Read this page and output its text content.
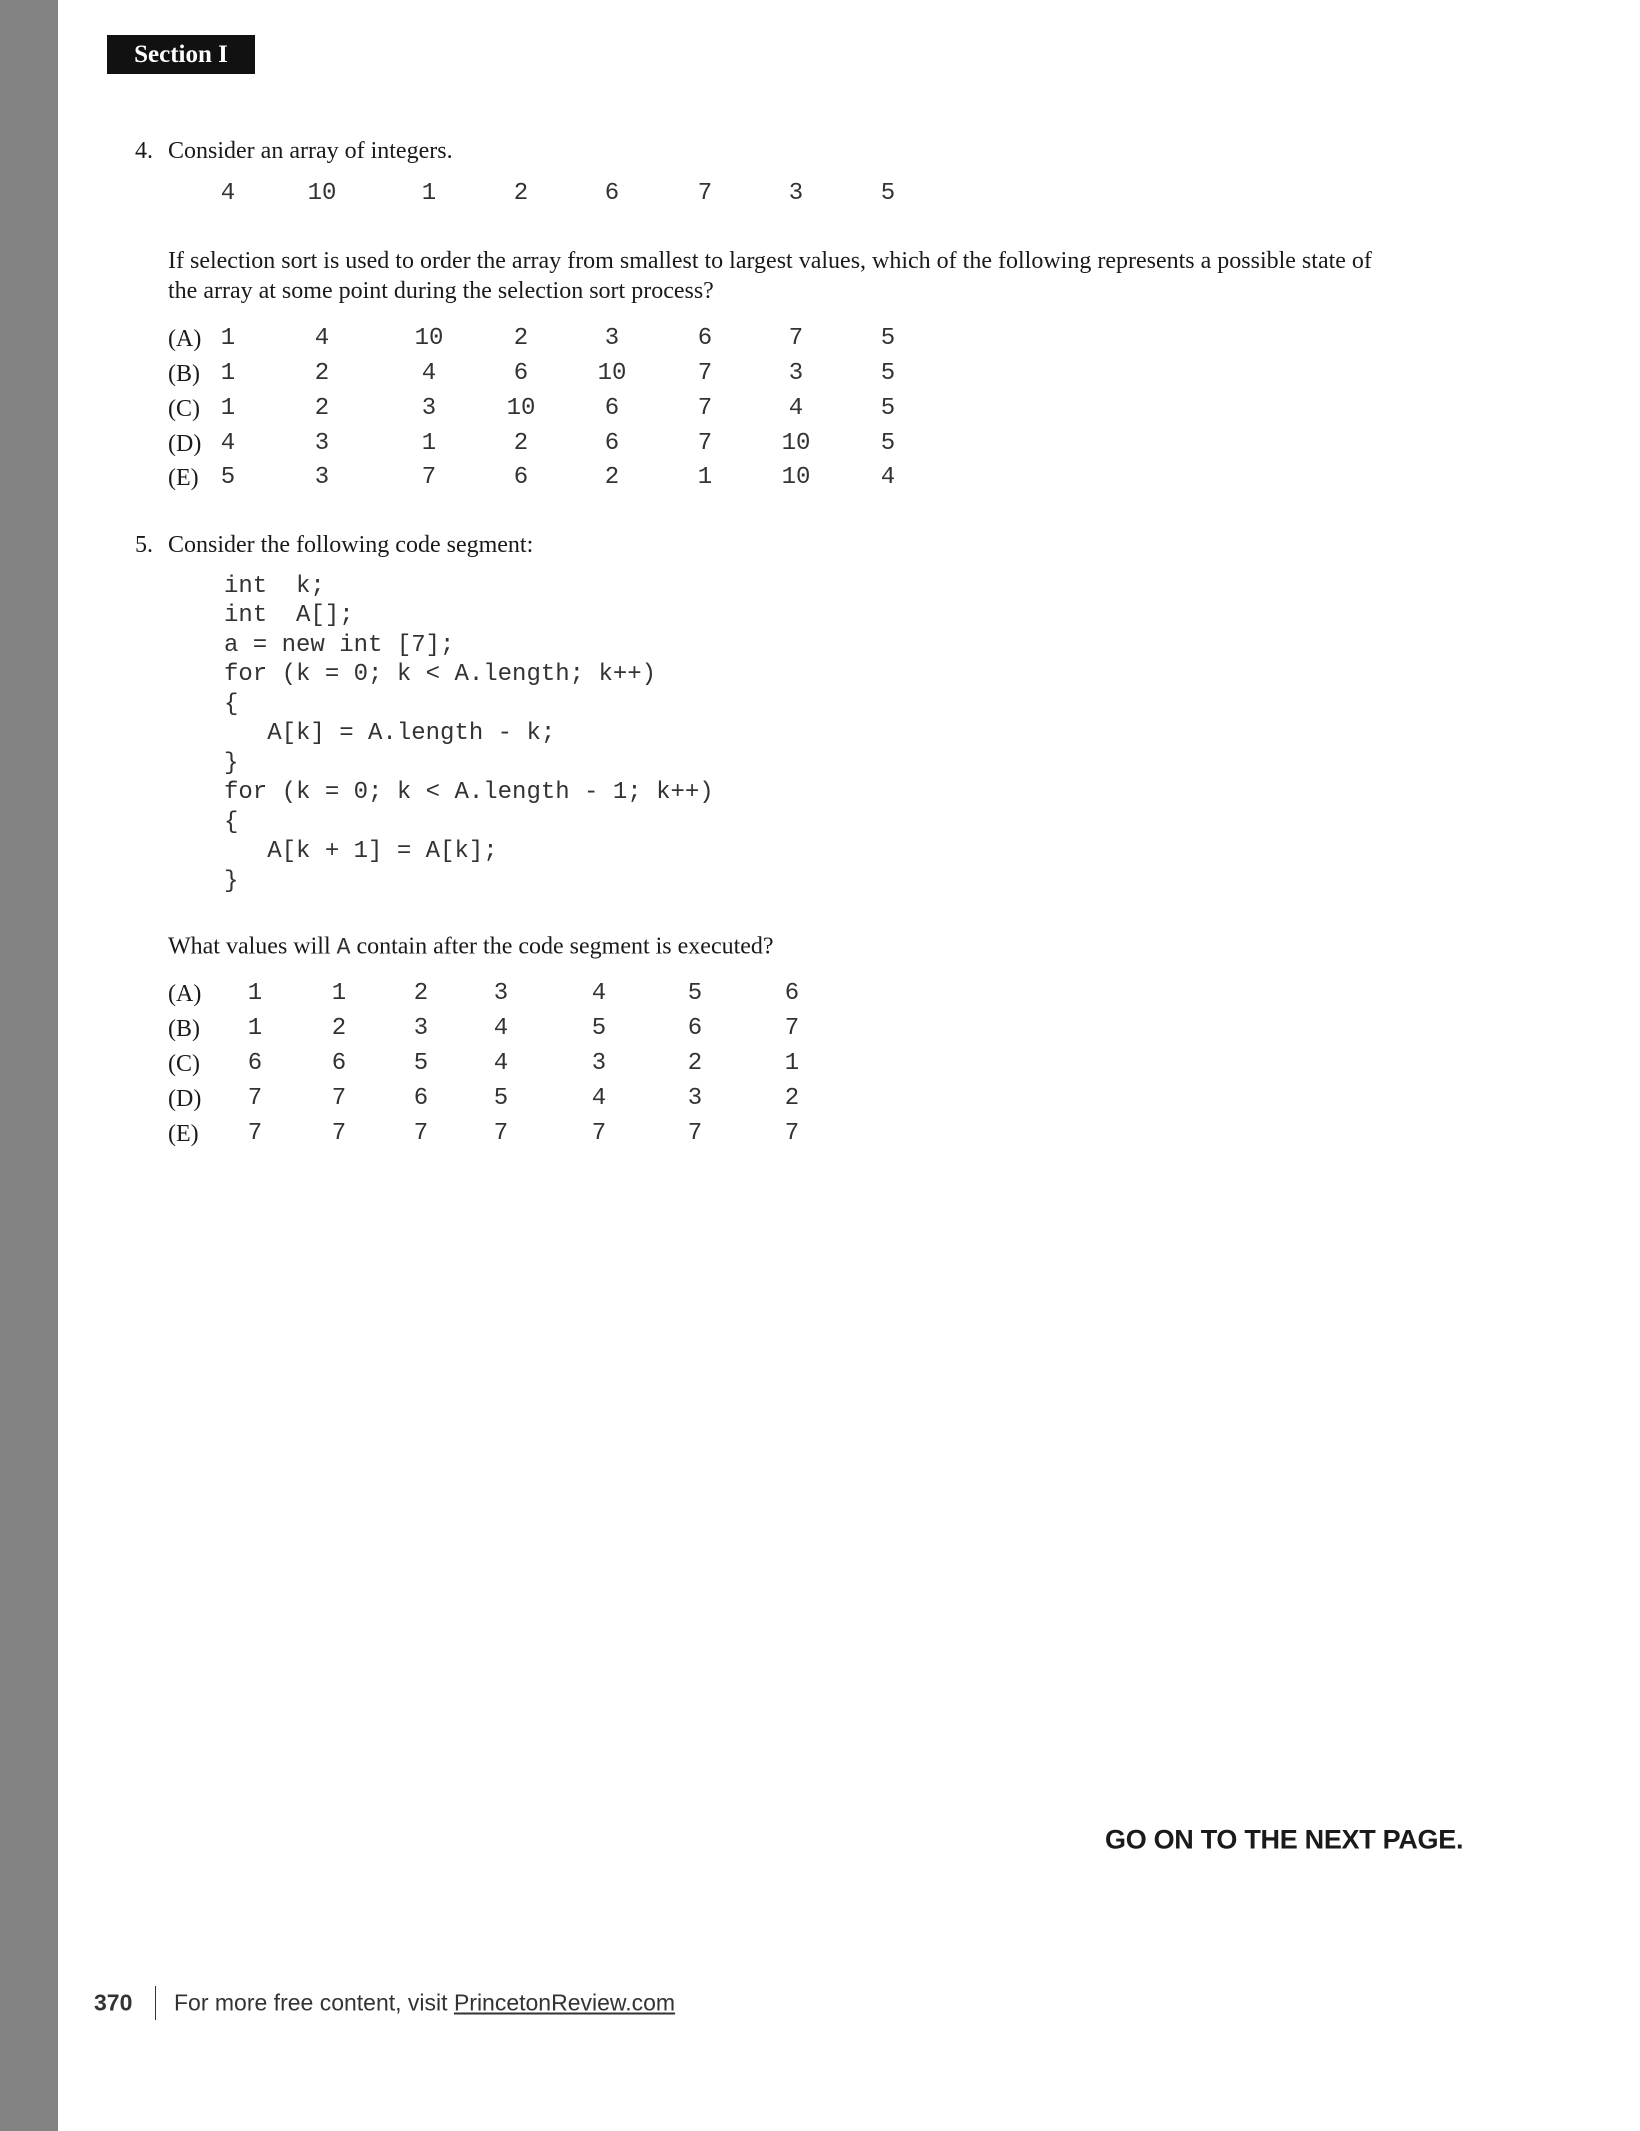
Section I
4. Consider an array of integers.
4	10	1	2	6	7	3	5
If selection sort is used to order the array from smallest to largest values, which of the following represents a possible state of
the array at some point during the selection sort process?
(A) 1	4	10	2	3	6	7	5
(B) 1	2	4	6	10	7	3	5
(C) 1	2	3	10	6	7	4	5
(D) 4	3	1	2	6	7	10	5
(E) 5	3	7	6	2	1	10	4
5. Consider the following code segment:
int  k;
int  A[];
a = new int [7];
for (k = 0; k < A.length; k++)
{
A[k] = A.length - k;
}
for (k = 0; k < A.length - 1; k++)
{
A[k + 1] = A[k];
}
What values will A contain after the code segment is executed?
(A) 1	1	2	3	4	5	6
(B) 1	2	3	4	5	6	7
(C) 6	6	5	4	3	2	1
(D) 7	7	6	5	4	3	2
(E) 7	7	7	7	7	7	7
GO ON TO THE NEXT PAGE.
370 For more free content, visit PrincetonReview.com
